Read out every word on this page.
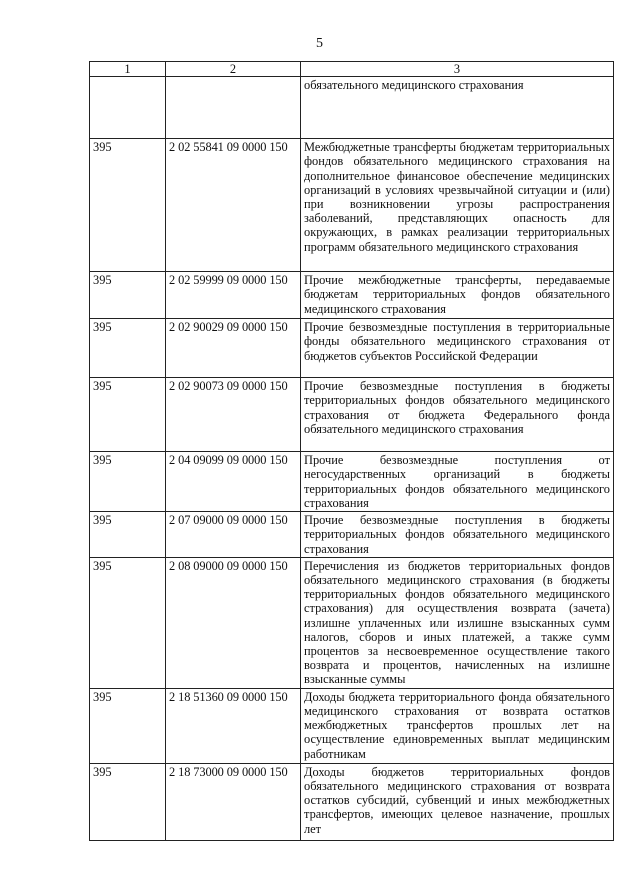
5
1	2	3
		обязательного медицинского страхования
395	2 02 55841 09 0000 150	Межбюджетные трансферты бюджетам территориальных фондов обязательного медицинского страхования на дополнительное финансовое обеспечение медицинских организаций в условиях чрезвычайной ситуации и (или) при возникновении угрозы распространения заболеваний, представляющих опасность для окружающих, в рамках реализации территориальных программ обязательного медицинского страхования
395	2 02 59999 09 0000 150	Прочие межбюджетные трансферты, передаваемые бюджетам территориальных фондов обязательного медицинского страхования
395	2 02 90029 09 0000 150	Прочие безвозмездные поступления в территориальные фонды обязательного медицинского страхования от бюджетов субъектов Российской Федерации
395	2 02 90073 09 0000 150	Прочие безвозмездные поступления в бюджеты территориальных фондов обязательного медицинского страхования от бюджета Федерального фонда обязательного медицинского страхования
395	2 04 09099 09 0000 150	Прочие безвозмездные поступления от негосударственных организаций в бюджеты территориальных фондов обязательного медицинского страхования
395	2 07 09000 09 0000 150	Прочие безвозмездные поступления в бюджеты территориальных фондов обязательного медицинского страхования
395	2 08 09000 09 0000 150	Перечисления из бюджетов территориальных фондов обязательного медицинского страхования (в бюджеты территориальных фондов обязательного медицинского страхования) для осуществления возврата (зачета) излишне уплаченных или излишне взысканных сумм налогов, сборов и иных платежей, а также сумм процентов за несвоевременное осуществление такого возврата и процентов, начисленных на излишне взысканные суммы
395	2 18 51360 09 0000 150	Доходы бюджета территориального фонда обязательного медицинского страхования от возврата остатков межбюджетных трансфертов прошлых лет на осуществление единовременных выплат медицинским работникам
395	2 18 73000 09 0000 150	Доходы бюджетов территориальных фондов обязательного медицинского страхования от возврата остатков субсидий, субвенций и иных межбюджетных трансфертов, имеющих целевое назначение, прошлых лет
